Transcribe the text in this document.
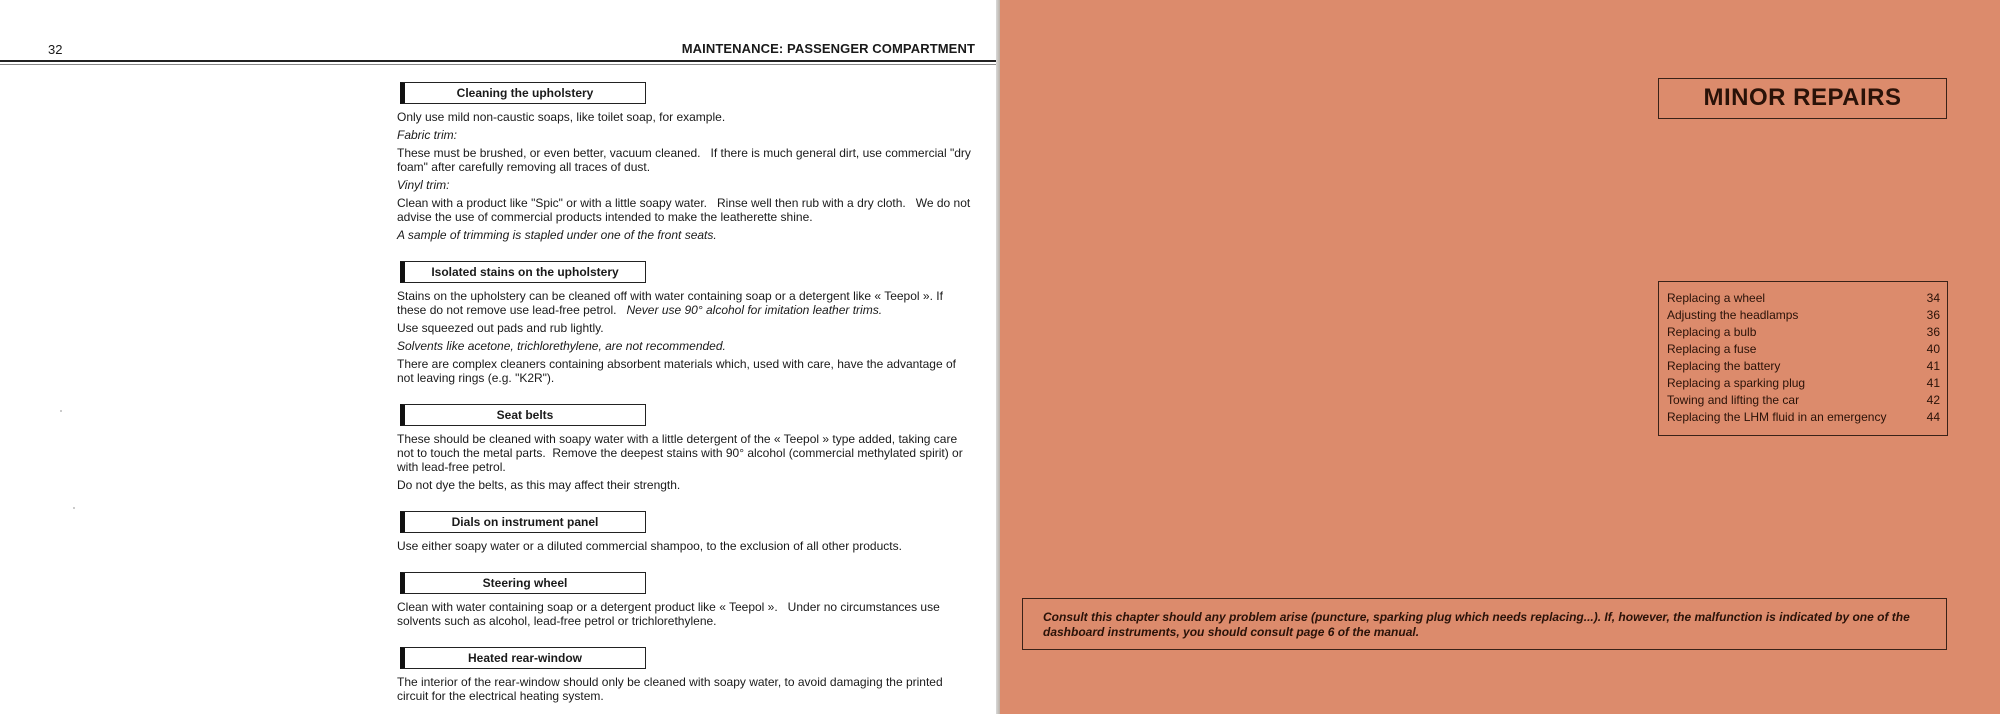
32	MAINTENANCE: PASSENGER COMPARTMENT
Cleaning the upholstery
Only use mild non-caustic soaps, like toilet soap, for example.
Fabric trim:
These must be brushed, or even better, vacuum cleaned.   If there is much general dirt, use commercial "dry foam" after carefully removing all traces of dust.
Vinyl trim:
Clean with a product like "Spic" or with a little soapy water.   Rinse well then rub with a dry cloth.   We do not advise the use of commercial products intended to make the leatherette shine.
A sample of trimming is stapled under one of the front seats.
Isolated stains on the upholstery
Stains on the upholstery can be cleaned off with water containing soap or a detergent like « Teepol ». If these do not remove use lead-free petrol.   Never use 90° alcohol for imitation leather trims.
Use squeezed out pads and rub lightly.
Solvents like acetone, trichlorethylene, are not recommended.
There are complex cleaners containing absorbent materials which, used with care, have the advantage of not leaving rings (e.g. "K2R").
Seat belts
These should be cleaned with soapy water with a little detergent of the « Teepol » type added, taking care not to touch the metal parts.  Remove the deepest stains with 90° alcohol (commercial methylated spirit) or with lead-free petrol.
Do not dye the belts, as this may affect their strength.
Dials on instrument panel
Use either soapy water or a diluted commercial shampoo, to the exclusion of all other products.
Steering wheel
Clean with water containing soap or a detergent product like « Teepol ».   Under no circumstances use solvents such as alcohol, lead-free petrol or trichlorethylene.
Heated rear-window
The interior of the rear-window should only be cleaned with soapy water, to avoid damaging the printed circuit for the electrical heating system.
MINOR REPAIRS
Replacing a wheel	34
Adjusting the headlamps	36
Replacing a bulb	36
Replacing a fuse	40
Replacing the battery	41
Replacing a sparking plug	41
Towing and lifting the car	42
Replacing the LHM fluid in an emergency	44
Consult this chapter should any problem arise (puncture, sparking plug which needs replacing...). If, however, the malfunction is indicated by one of the dashboard instruments, you should consult page 6 of the manual.
